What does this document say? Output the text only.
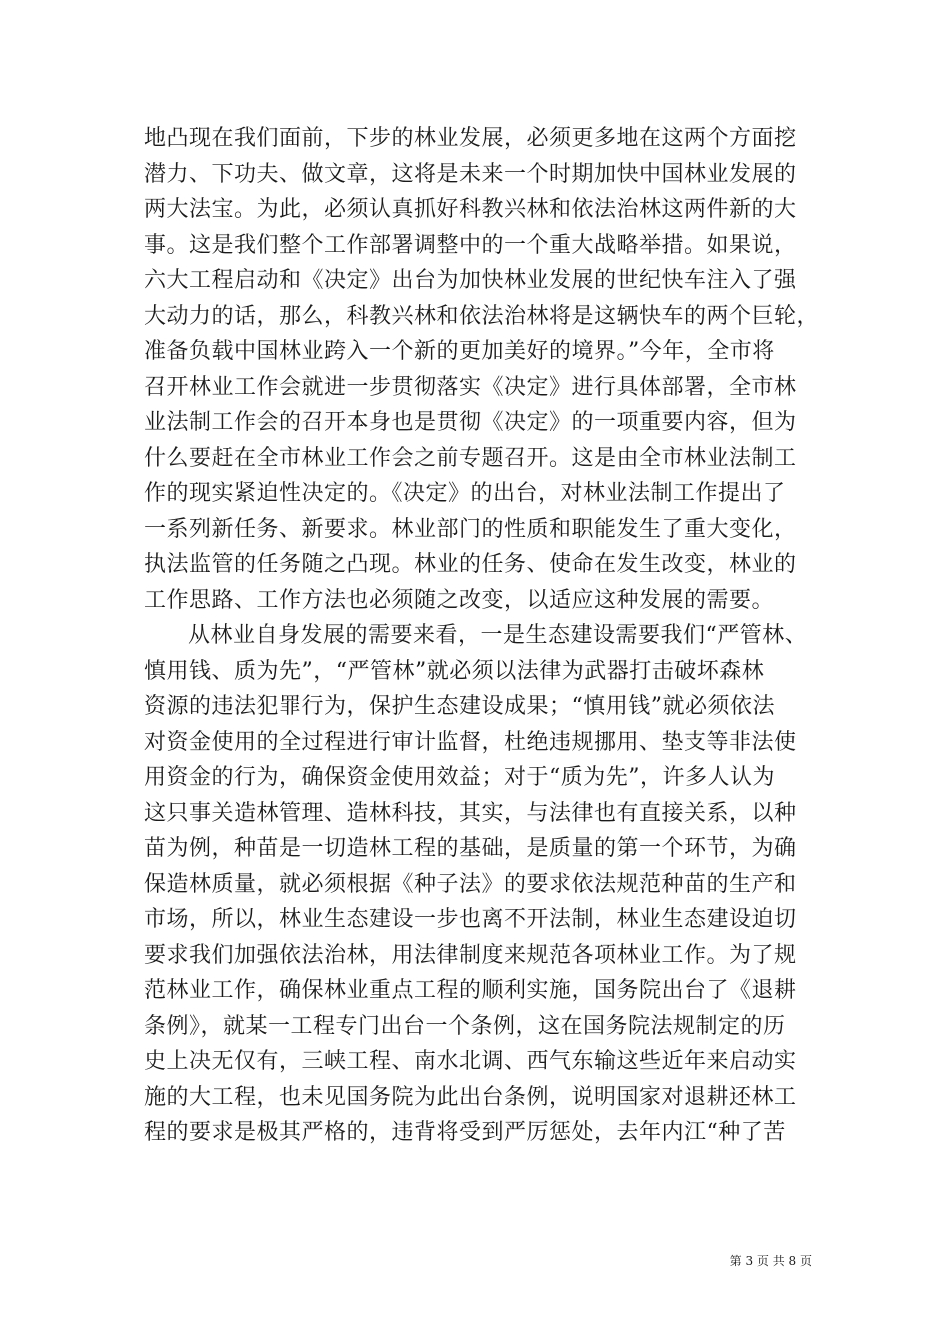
地凸现在我们面前，下步的林业发展，必须更多地在这两个方面挖
潜力、下功夫、做文章，这将是未来一个时期加快中国林业发展的
两大法宝。为此，必须认真抓好科教兴林和依法治林这两件新的大
事。这是我们整个工作部署调整中的一个重大战略举措。如果说，
六大工程启动和《决定》出台为加快林业发展的世纪快车注入了强
大动力的话，那么，科教兴林和依法治林将是这辆快车的两个巨轮，
准备负载中国林业跨入一个新的更加美好的境界。”今年，全市将
召开林业工作会就进一步贯彻落实《决定》进行具体部署，全市林
业法制工作会的召开本身也是贯彻《决定》的一项重要内容，但为
什么要赶在全市林业工作会之前专题召开。这是由全市林业法制工
作的现实紧迫性决定的。《决定》的出台，对林业法制工作提出了
一系列新任务、新要求。林业部门的性质和职能发生了重大变化，
执法监管的任务随之凸现。林业的任务、使命在发生改变，林业的
工作思路、工作方法也必须随之改变，以适应这种发展的需要。
从林业自身发展的需要来看，一是生态建设需要我们“严管林、
慎用钱、质为先”，“严管林”就必须以法律为武器打击破坏森林
资源的违法犯罪行为，保护生态建设成果；“慎用钱”就必须依法
对资金使用的全过程进行审计监督，杜绝违规挪用、垫支等非法使
用资金的行为，确保资金使用效益；对于“质为先”，许多人认为
这只事关造林管理、造林科技，其实，与法律也有直接关系，以种
苗为例，种苗是一切造林工程的基础，是质量的第一个环节，为确
保造林质量，就必须根据《种子法》的要求依法规范种苗的生产和
市场，所以，林业生态建设一步也离不开法制，林业生态建设迫切
要求我们加强依法治林，用法律制度来规范各项林业工作。为了规
范林业工作，确保林业重点工程的顺利实施，国务院出台了《退耕
条例》，就某一工程专门出台一个条例，这在国务院法规制定的历
史上决无仅有，三峡工程、南水北调、西气东输这些近年来启动实
施的大工程，也未见国务院为此出台条例，说明国家对退耕还林工
程的要求是极其严格的，违背将受到严厉惩处，去年内江“种了苦
第 3 页 共 8 页
